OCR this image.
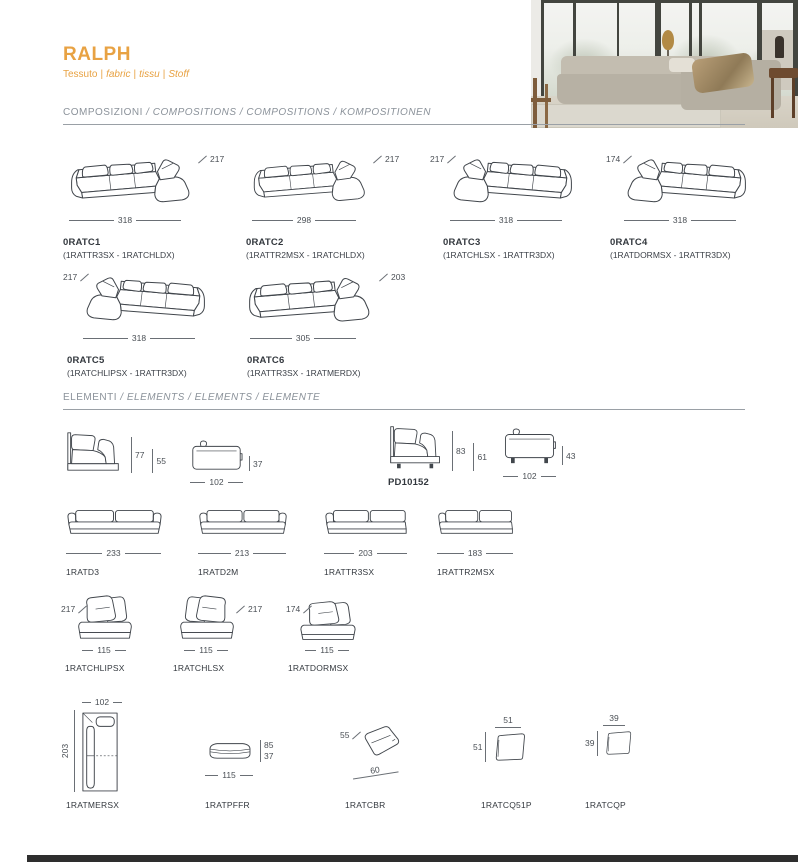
RALPH
Tessuto | fabric | tissu | Stoff
COMPOSIZIONI / COMPOSITIONS / COMPOSITIONS / KOMPOSITIONEN
217
318
0RATC1
(1RATTR3SX - 1RATCHLDX)
217
298
0RATC2
(1RATTR2MSX - 1RATCHLDX)
217
318
0RATC3
(1RATCHLSX - 1RATTR3DX)
174
318
0RATC4
(1RATDORMSX - 1RATTR3DX)
217
318
0RATC5
(1RATCHLIPSX - 1RATTR3DX)
203
305
0RATC6
(1RATTR3SX - 1RATMERDX)
ELEMENTI / ELEMENTS / ELEMENTS / ELEMENTE
77
55	37
102
83
61
PD10152
43
102
233
1RATD3
213
1RATD2M
203
1RATTR3SX
183
1RATTR2MSX
217
115
1RATCHLIPSX
217
115
1RATCHLSX
174
115
1RATDORMSX
102
203	85
37
115
55
60
51
51
39
39
1RATMERSX	1RATPFFR	1RATCBR	1RATCQ51P	1RATCQP
